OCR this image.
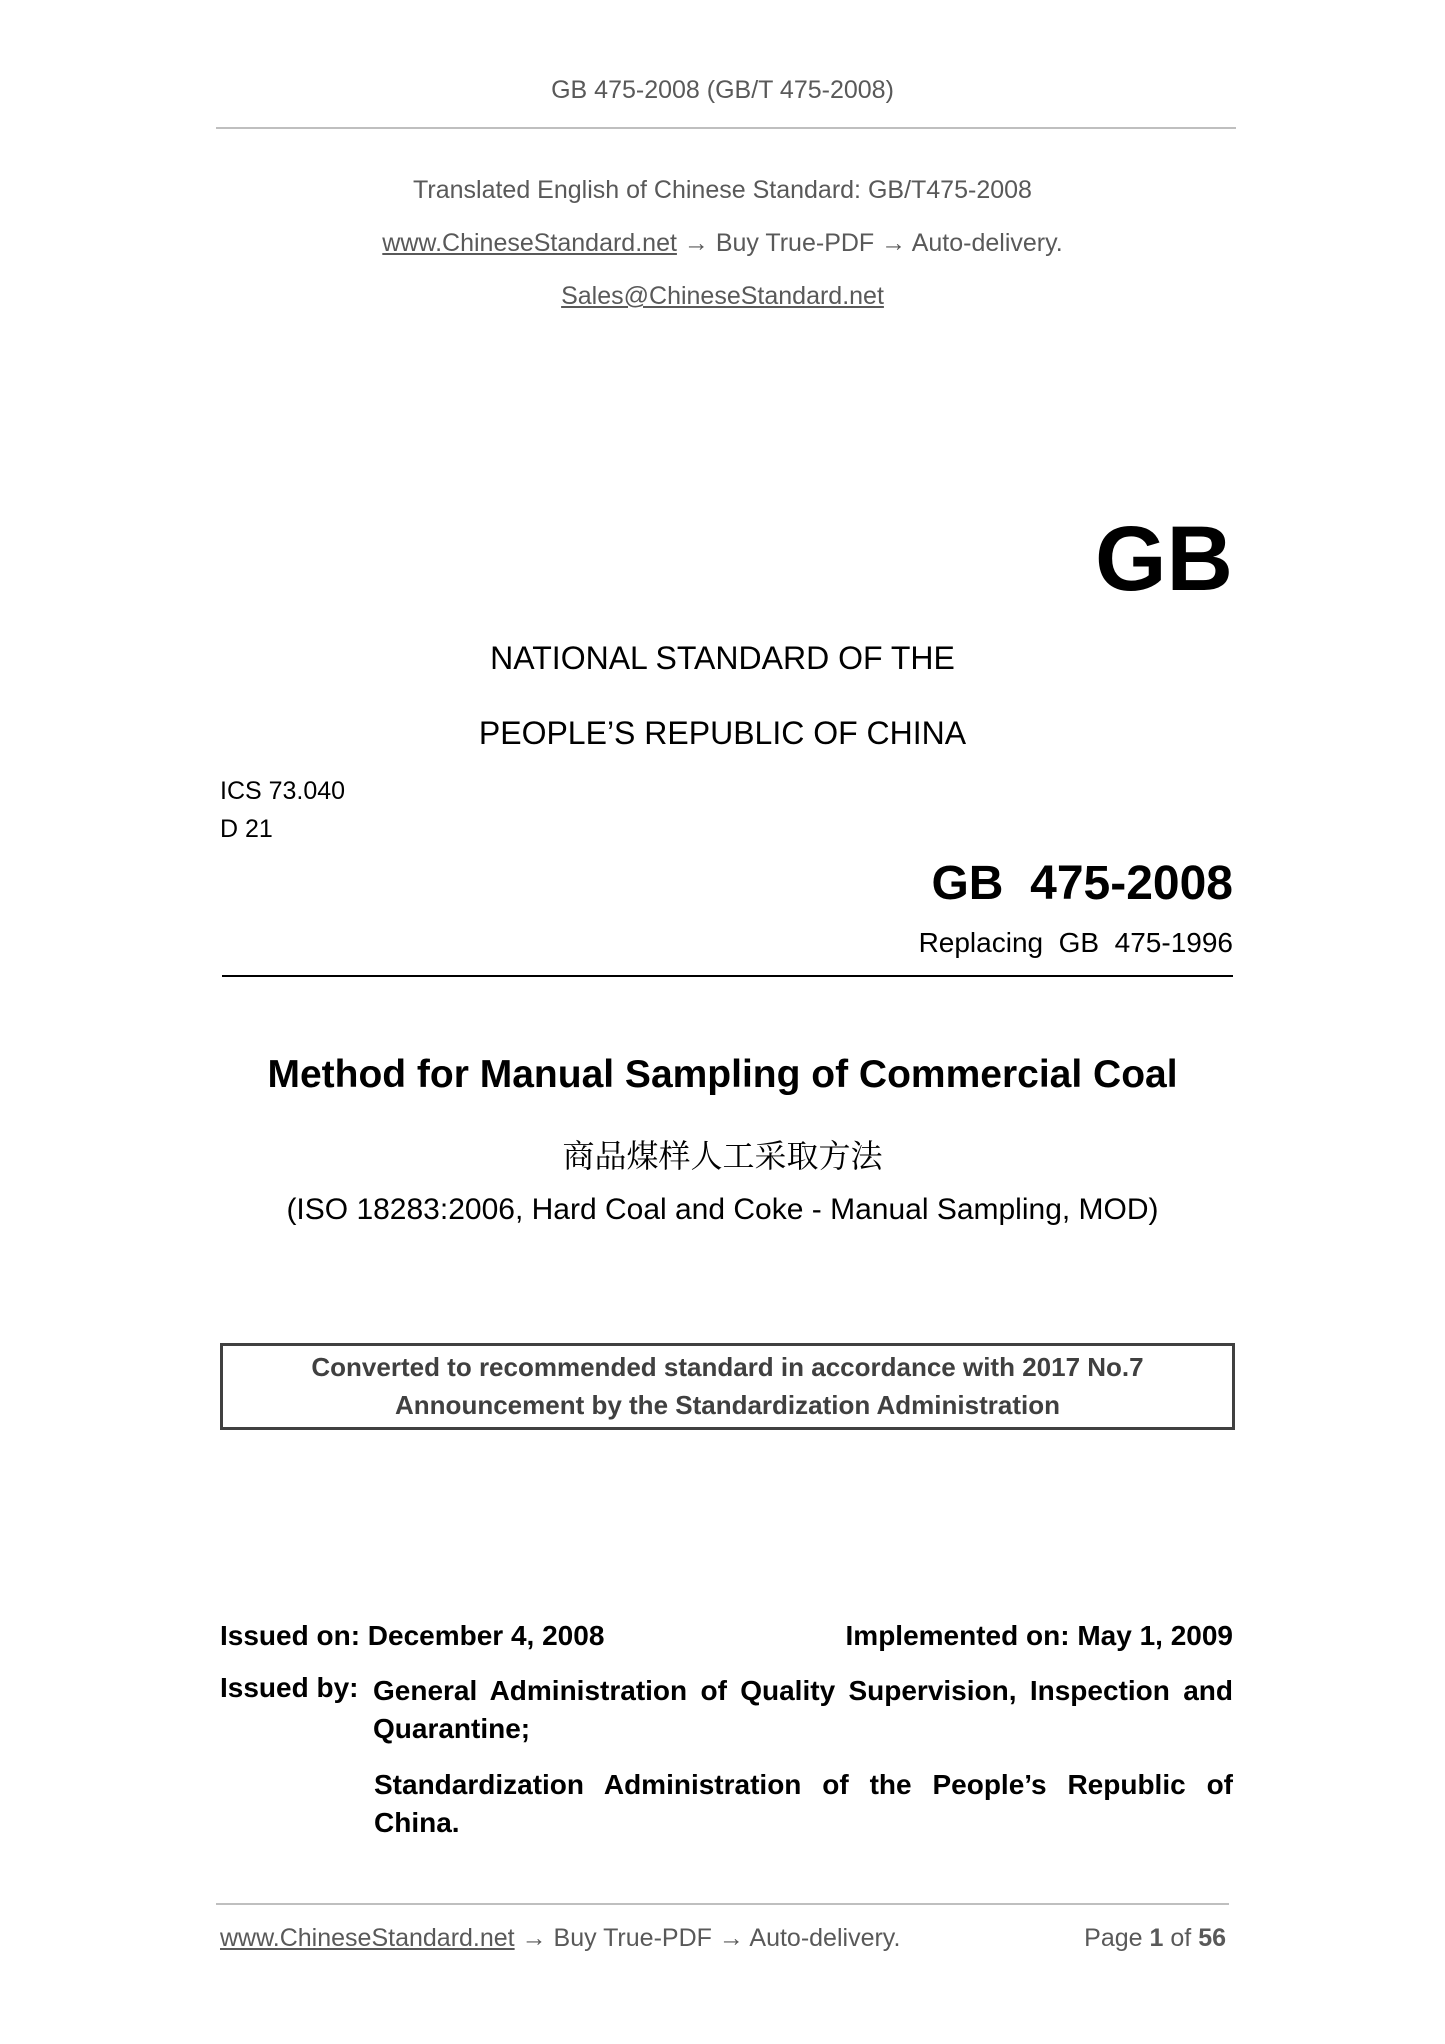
GB 475-2008 (GB/T 475-2008)
Translated English of Chinese Standard: GB/T475-2008
www.ChineseStandard.net → Buy True-PDF → Auto-delivery.
Sales@ChineseStandard.net
GB
NATIONAL STANDARD OF THE
PEOPLE’S REPUBLIC OF CHINA
ICS 73.040
D 21
GB  475-2008
Replacing  GB  475-1996
Method for Manual Sampling of Commercial Coal
商品煤样人工采取方法
(ISO 18283:2006, Hard Coal and Coke - Manual Sampling, MOD)
Converted to recommended standard in accordance with 2017 No.7
Announcement by the Standardization Administration
Issued on: December 4, 2008	Implemented on: May 1, 2009
Issued by: General Administration of Quality Supervision, Inspection and Quarantine;
Standardization Administration of the People’s Republic of China.
www.ChineseStandard.net → Buy True-PDF → Auto-delivery.	Page 1 of 56
